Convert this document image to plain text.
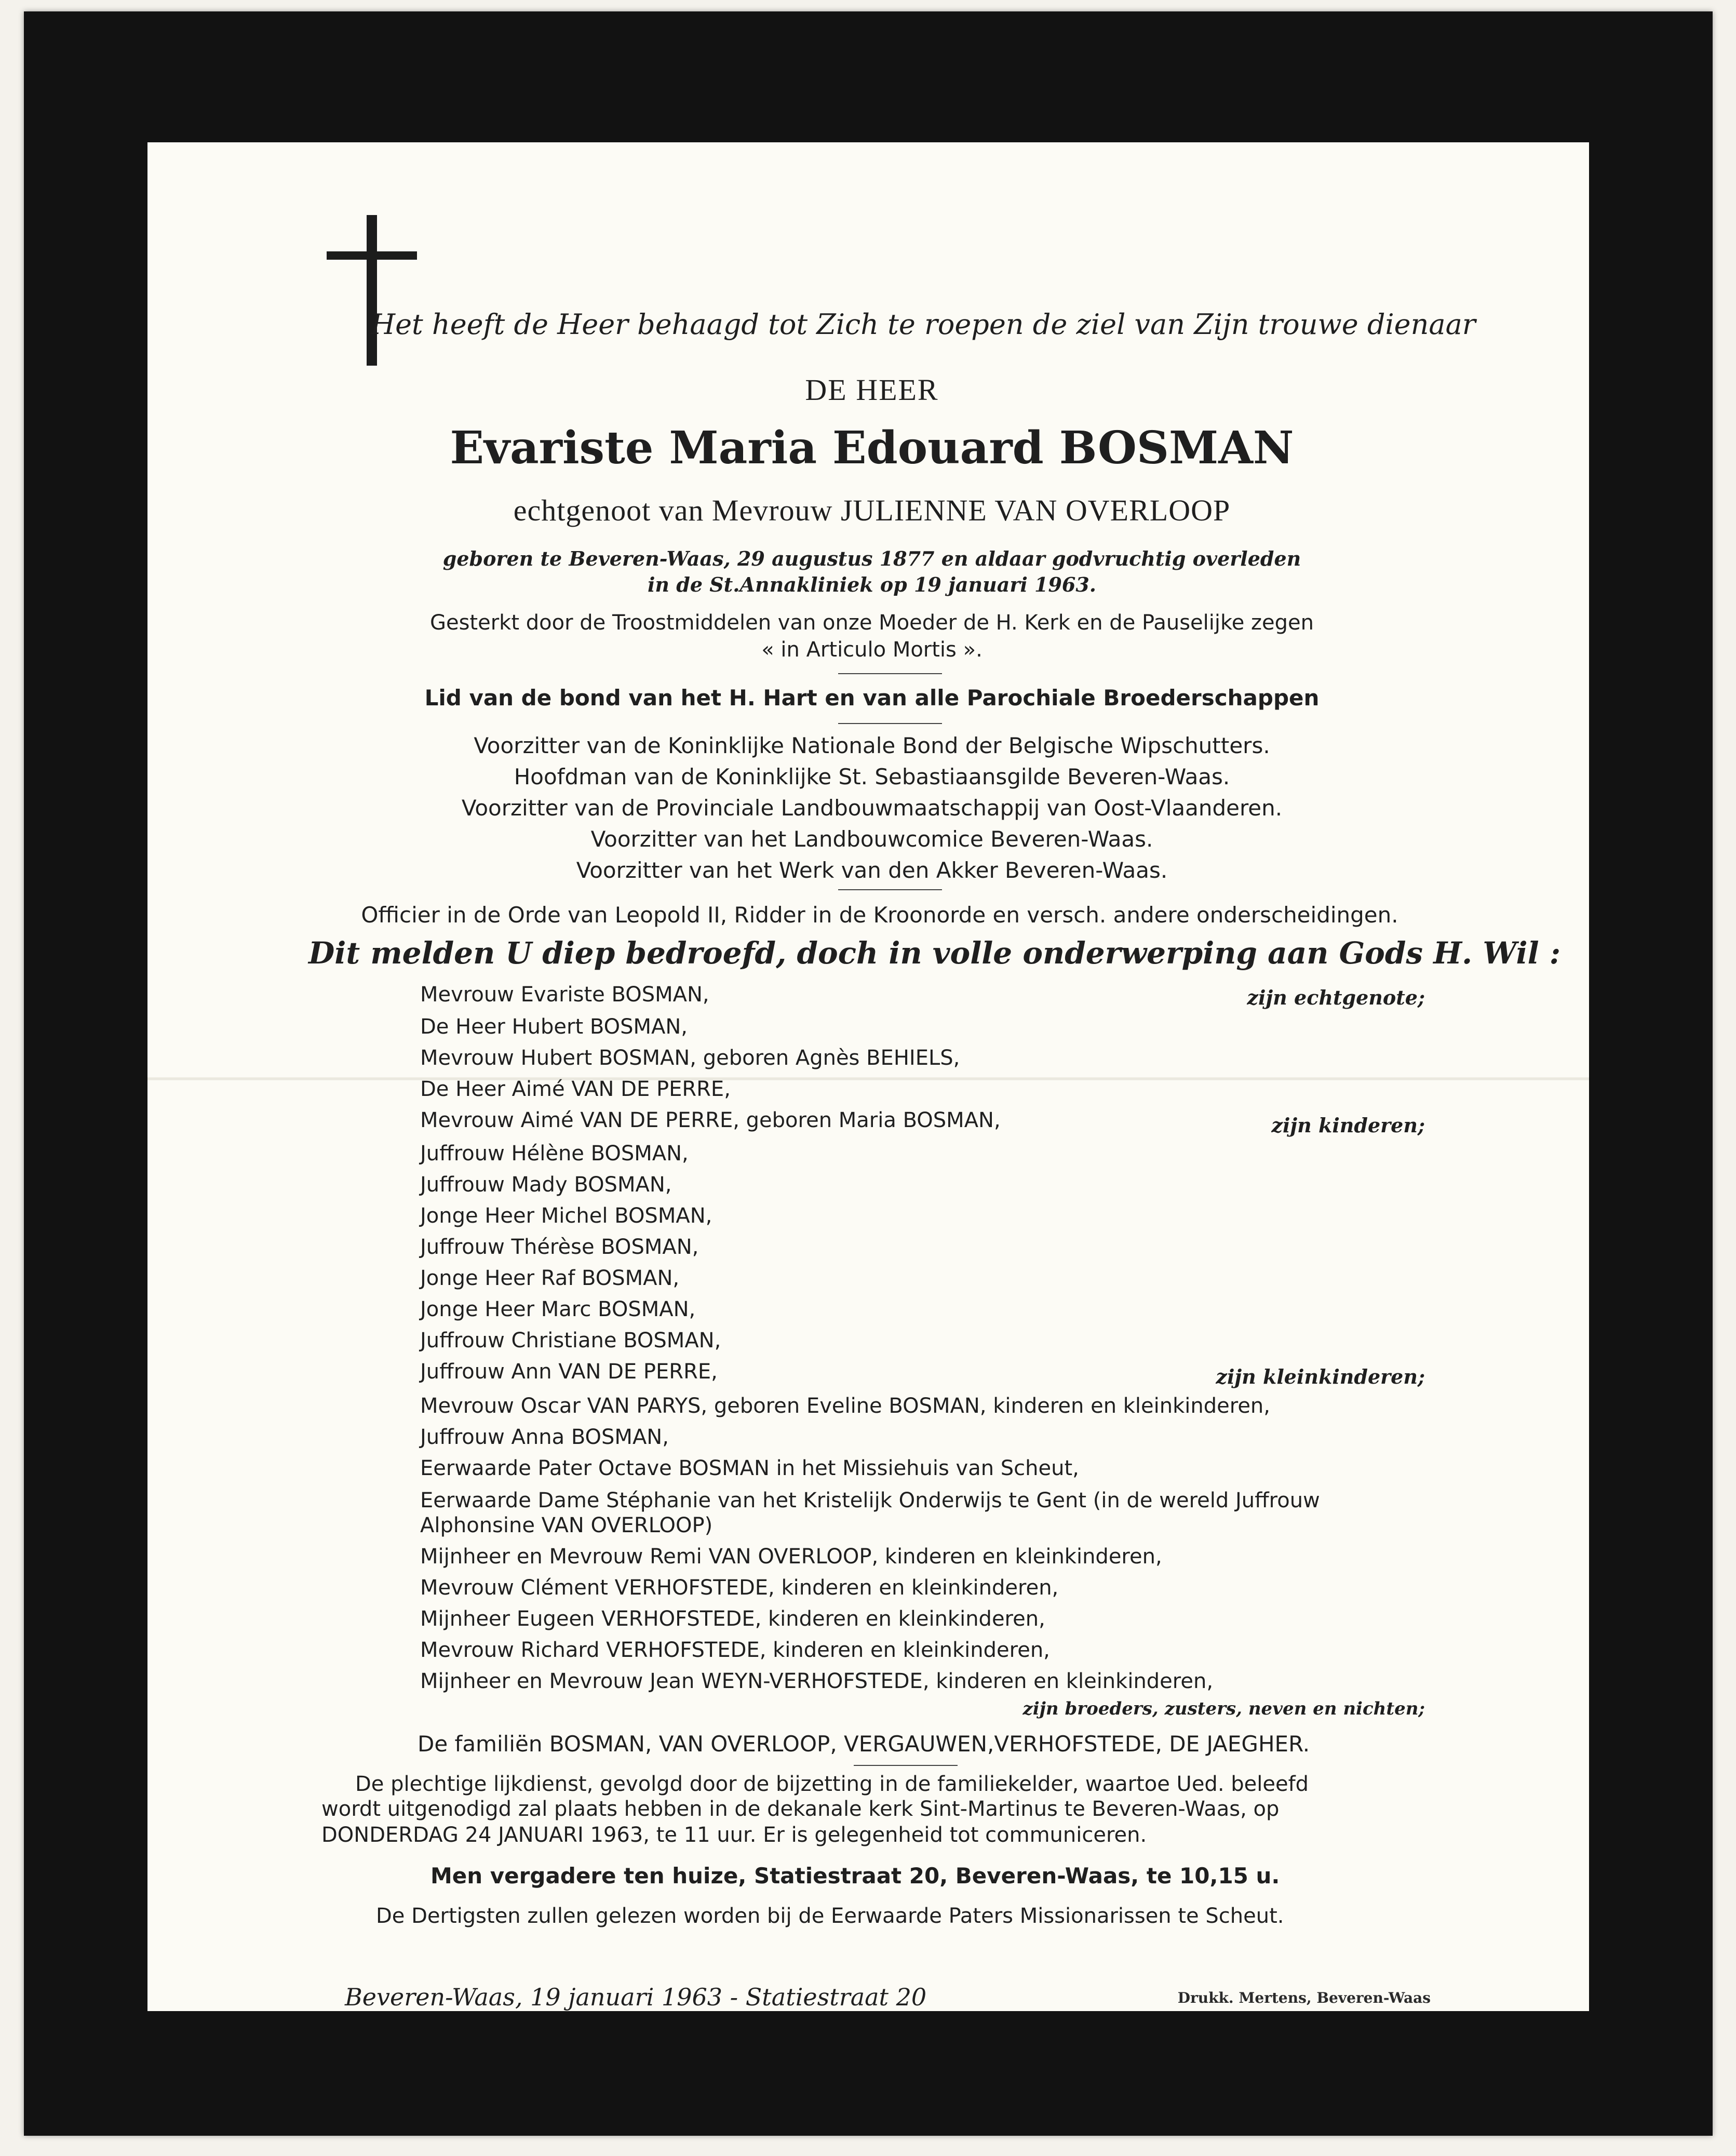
Het heeft de Heer behaagd tot Zich te roepen de ziel van Zijn trouwe dienaar
DE HEER
Evariste Maria Edouard BOSMAN
echtgenoot van Mevrouw JULIENNE VAN OVERLOOP
geboren te Beveren-Waas, 29 augustus 1877 en aldaar godvruchtig overleden
in de St.Annakliniek op 19 januari 1963.
Gesterkt door de Troostmiddelen van onze Moeder de H. Kerk en de Pauselijke zegen
« in Articulo Mortis ».
Lid van de bond van het H. Hart en van alle Parochiale Broederschappen
Voorzitter van de Koninklijke Nationale Bond der Belgische Wipschutters.
Hoofdman van de Koninklijke St. Sebastiaansgilde Beveren-Waas.
Voorzitter van de Provinciale Landbouwmaatschappij van Oost-Vlaanderen.
Voorzitter van het Landbouwcomice Beveren-Waas.
Voorzitter van het Werk van den Akker Beveren-Waas.
Officier in de Orde van Leopold II, Ridder in de Kroonorde en versch. andere onderscheidingen.
Dit melden U diep bedroefd, doch in volle onderwerping aan Gods H. Wil :
Mevrouw Evariste BOSMAN,	zijn echtgenote;
De Heer Hubert BOSMAN,
Mevrouw Hubert BOSMAN, geboren Agnès BEHIELS,
De Heer Aimé VAN DE PERRE,
Mevrouw Aimé VAN DE PERRE, geboren Maria BOSMAN,	zijn kinderen;
Juffrouw Hélène BOSMAN,
Juffrouw Mady BOSMAN,
Jonge Heer Michel BOSMAN,
Juffrouw Thérèse BOSMAN,
Jonge Heer Raf BOSMAN,
Jonge Heer Marc BOSMAN,
Juffrouw Christiane BOSMAN,
Juffrouw Ann VAN DE PERRE,	zijn kleinkinderen;
Mevrouw Oscar VAN PARYS, geboren Eveline BOSMAN, kinderen en kleinkinderen,
Juffrouw Anna BOSMAN,
Eerwaarde Pater Octave BOSMAN in het Missiehuis van Scheut,
Eerwaarde Dame Stéphanie van het Kristelijk Onderwijs te Gent (in de wereld Juffrouw
Alphonsine VAN OVERLOOP)
Mijnheer en Mevrouw Remi VAN OVERLOOP, kinderen en kleinkinderen,
Mevrouw Clément VERHOFSTEDE, kinderen en kleinkinderen,
Mijnheer Eugeen VERHOFSTEDE, kinderen en kleinkinderen,
Mevrouw Richard VERHOFSTEDE, kinderen en kleinkinderen,
Mijnheer en Mevrouw Jean WEYN-VERHOFSTEDE, kinderen en kleinkinderen,
zijn broeders, zusters, neven en nichten;
De familiën BOSMAN, VAN OVERLOOP, VERGAUWEN,VERHOFSTEDE, DE JAEGHER.
De plechtige lijkdienst, gevolgd door de bijzetting in de familiekelder, waartoe Ued. beleefd
wordt uitgenodigd zal plaats hebben in de dekanale kerk Sint-Martinus te Beveren-Waas, op
DONDERDAG 24 JANUARI 1963, te 11 uur. Er is gelegenheid tot communiceren.
Men vergadere ten huize, Statiestraat 20, Beveren-Waas, te 10,15 u.
De Dertigsten zullen gelezen worden bij de Eerwaarde Paters Missionarissen te Scheut.
Beveren-Waas, 19 januari 1963 - Statiestraat 20	Drukk. Mertens, Beveren-Waas
